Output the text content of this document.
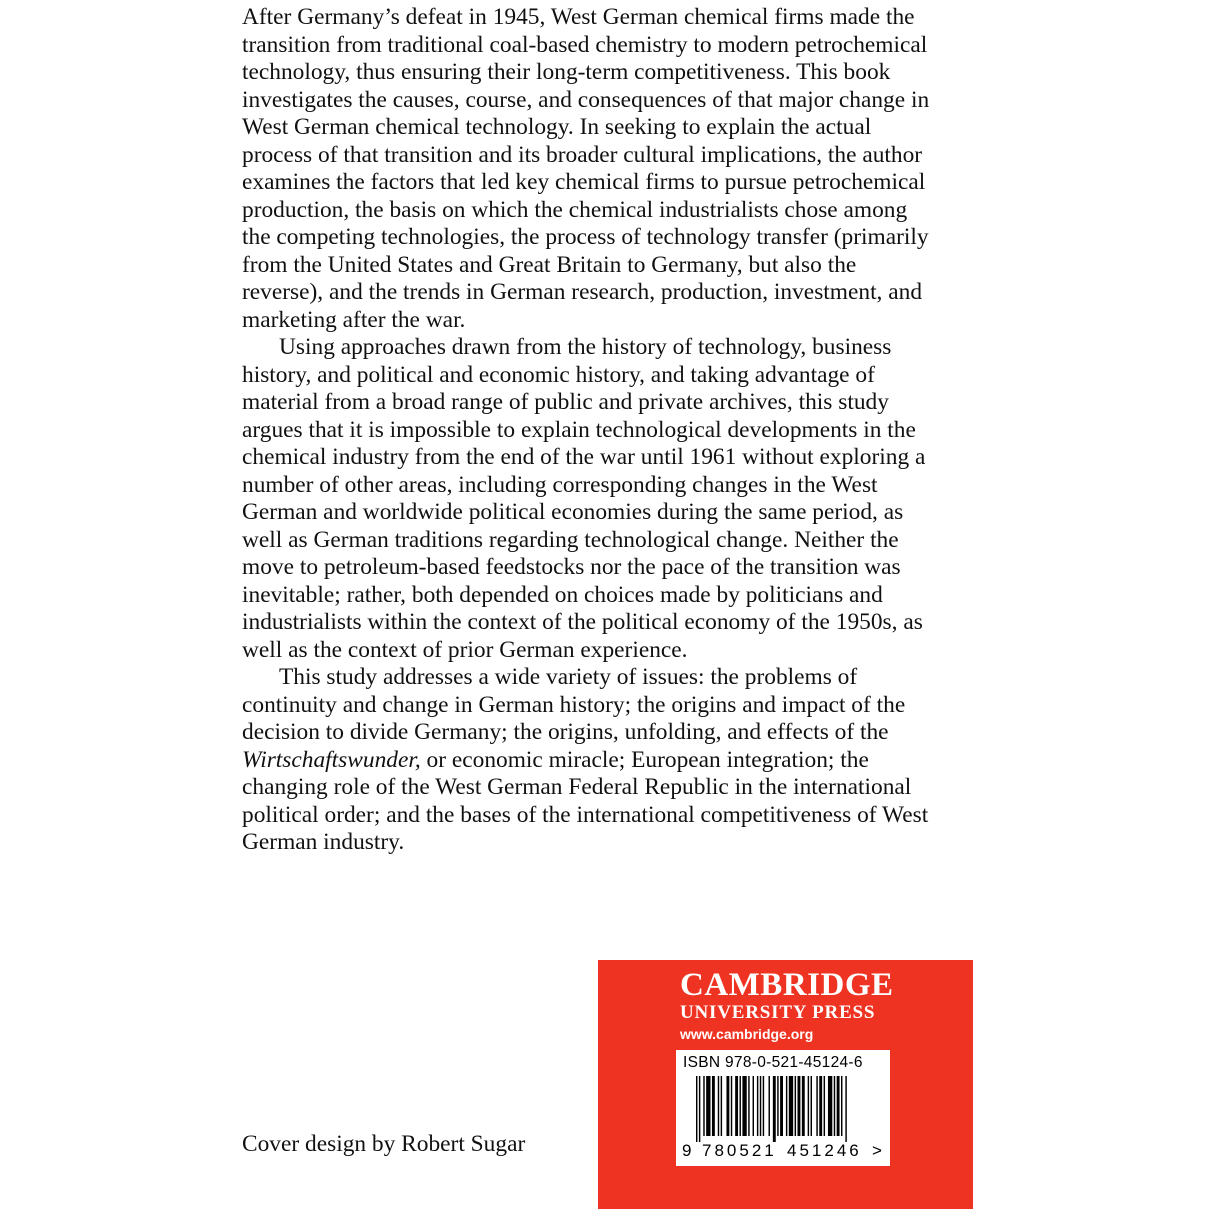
After Germany’s defeat in 1945, West German chemical firms made the transition from traditional coal-based chemistry to modern petrochemical technology, thus ensuring their long-term competitiveness. This book investigates the causes, course, and consequences of that major change in West German chemical technology. In seeking to explain the actual process of that transition and its broader cultural implications, the author examines the factors that led key chemical firms to pursue petrochemical production, the basis on which the chemical industrialists chose among the competing technologies, the process of technology transfer (primarily from the United States and Great Britain to Germany, but also the reverse), and the trends in German research, production, investment, and marketing after the war.

Using approaches drawn from the history of technology, business history, and political and economic history, and taking advantage of material from a broad range of public and private archives, this study argues that it is impossible to explain technological developments in the chemical industry from the end of the war until 1961 without exploring a number of other areas, including corresponding changes in the West German and worldwide political economies during the same period, as well as German traditions regarding technological change. Neither the move to petroleum-based feedstocks nor the pace of the transition was inevitable; rather, both depended on choices made by politicians and industrialists within the context of the political economy of the 1950s, as well as the context of prior German experience.

This study addresses a wide variety of issues: the problems of continuity and change in German history; the origins and impact of the decision to divide Germany; the origins, unfolding, and effects of the Wirtschaftswunder, or economic miracle; European integration; the changing role of the West German Federal Republic in the international political order; and the bases of the international competitiveness of West German industry.

Cover design by Robert Sugar
CAMBRIDGE
UNIVERSITY PRESS
www.cambridge.org
ISBN 978-0-521-45124-6
9 780521 451246 >
